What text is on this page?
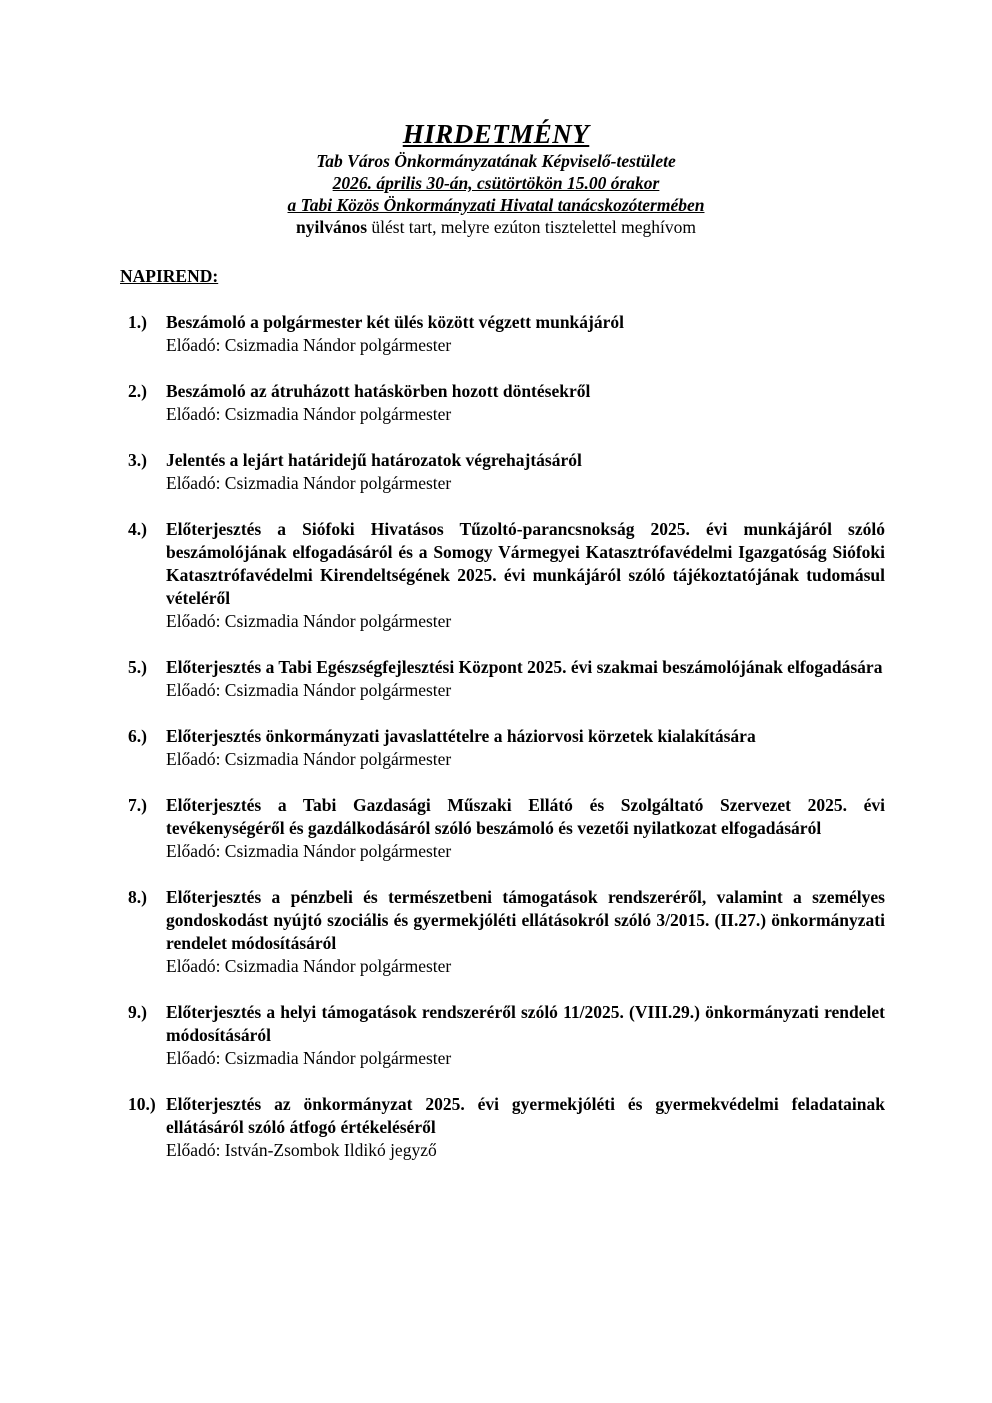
HIRDETMÉNY
Tab Város Önkormányzatának Képviselő-testülete
2026. április 30-án, csütörtökön 15.00 órakor
a Tabi Közös Önkormányzati Hivatal tanácskozótermében
nyilvános ülést tart, melyre ezúton tisztelettel meghívom
NAPIREND:
1.) Beszámoló a polgármester két ülés között végzett munkájáról
Előadó: Csizmadia Nándor polgármester
2.) Beszámoló az átruházott hatáskörben hozott döntésekről
Előadó: Csizmadia Nándor polgármester
3.) Jelentés a lejárt határidejű határozatok végrehajtásáról
Előadó: Csizmadia Nándor polgármester
4.) Előterjesztés a Siófoki Hivatásos Tűzoltó-parancsnokság 2025. évi munkájáról szóló beszámolójának elfogadásáról és a Somogy Vármegyei Katasztrófavédelmi Igazgatóság Siófoki Katasztrófavédelmi Kirendeltségének 2025. évi munkájáról szóló tájékoztatójának tudomásul vételéről
Előadó: Csizmadia Nándor polgármester
5.) Előterjesztés a Tabi Egészségfejlesztési Központ 2025. évi szakmai beszámolójának elfogadására
Előadó: Csizmadia Nándor polgármester
6.) Előterjesztés önkormányzati javaslattételre a háziorvosi körzetek kialakítására
Előadó: Csizmadia Nándor polgármester
7.) Előterjesztés a Tabi Gazdasági Műszaki Ellátó és Szolgáltató Szervezet 2025. évi tevékenységéről és gazdálkodásáról szóló beszámoló és vezetői nyilatkozat elfogadásáról
Előadó: Csizmadia Nándor polgármester
8.) Előterjesztés a pénzbeli és természetbeni támogatások rendszeréről, valamint a személyes gondoskodást nyújtó szociális és gyermekjóléti ellátásokról szóló 3/2015. (II.27.) önkormányzati rendelet módosításáról
Előadó: Csizmadia Nándor polgármester
9.) Előterjesztés a helyi támogatások rendszeréről szóló 11/2025. (VIII.29.) önkormányzati rendelet módosításáról
Előadó: Csizmadia Nándor polgármester
10.) Előterjesztés az önkormányzat 2025. évi gyermekjóléti és gyermekvédelmi feladatainak ellátásáról szóló átfogó értékeléséről
Előadó: István-Zsombok Ildikó jegyző
